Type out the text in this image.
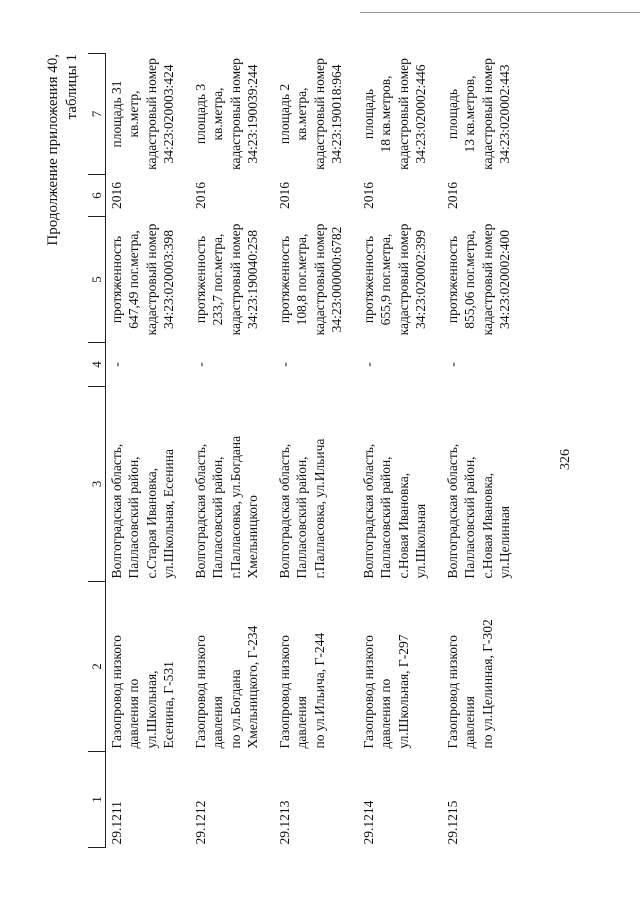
326
Продолжение приложения 40, таблицы 1
1	2	3	4	5	6	7
29.1211	Газопровод низкого
давления по
ул.Школьная,
Есенина, Г-531	Волгоградская область,
Палласовский район,
с.Старая Ивановка,
ул.Школьная, Есенина	-	протяженность
647,49 пог.метра,
кадастровый номер
34:23:020003:398	2016	площадь 31 кв.метр,
кадастровый номер
34:23:020003:424
29.1212	Газопровод низкого
давления
по ул.Богдана
Хмельницкого, Г-234	Волгоградская область,
Палласовский район,
г.Палласовка, ул.Богдана
Хмельницкого	-	протяженность
233,7 пог.метра,
кадастровый номер
34:23:190040:258	2016	площадь 3 кв.метра,
кадастровый номер
34:23:190039:244
29.1213	Газопровод низкого
давления
по ул.Ильича, Г-244	Волгоградская область,
Палласовский район,
г.Палласовка, ул.Ильича	-	протяженность
108,8 пог.метра,
кадастровый номер
34:23:000000:6782	2016	площадь 2 кв.метра,
кадастровый номер
34:23:190018:964
29.1214	Газопровод низкого
давления по
ул.Школьная, Г-297	Волгоградская область,
Палласовский район,
с.Новая Ивановка,
ул.Школьная	-	протяженность
655,9 пог.метра,
кадастровый номер
34:23:020002:399	2016	площадь
18 кв.метров,
кадастровый номер
34:23:020002:446
29.1215	Газопровод низкого
давления
по ул.Целинная, Г-302	Волгоградская область,
Палласовский район,
с.Новая Ивановка,
ул.Целинная	-	протяженность
855,06 пог.метра,
кадастровый номер
34:23:020002:400	2016	площадь
13 кв.метров,
кадастровый номер
34:23:020002:443
